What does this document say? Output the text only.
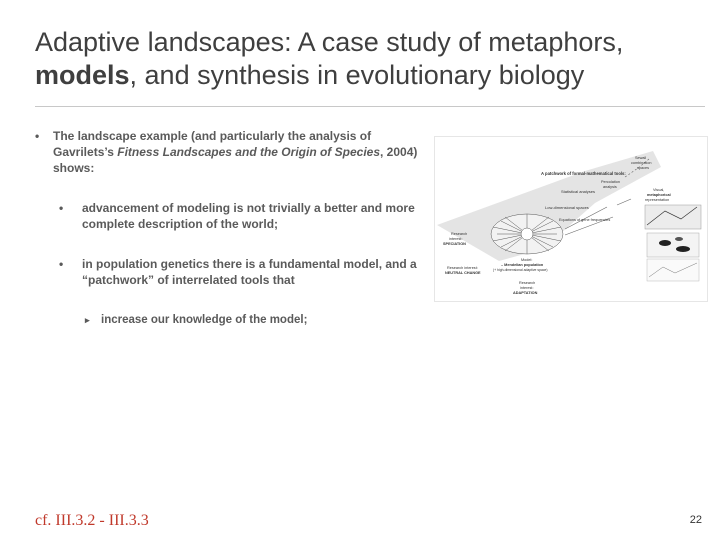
Adaptive landscapes: A case study of metaphors,
models, and synthesis in evolutionary biology
• The landscape example (and particularly the analysis of Gavrilets’s Fitness Landscapes and the Origin of Species, 2004) shows:
• advancement of modeling is not trivially a better and more complete description of the world;
• in population genetics there is a fundamental model, and a “patchwork” of interrelated tools that
▸ increase our knowledge of the model;
A patchwork of formal-mathematical tools:
Statistical analyses
Low-dimensional spaces
Equations of gene frequencies
Sewall
combination
spaces
Percolation
analysis
Visual,
metaphorical
representation
Research
interest:
SPECIATION
Model:
– Mendelian population
(+ high-dimensional adaptive space)
Research interest:
NEUTRAL CHANGE
Research
interest:
ADAPTATION
cf. III.3.2 - III.3.3	22
